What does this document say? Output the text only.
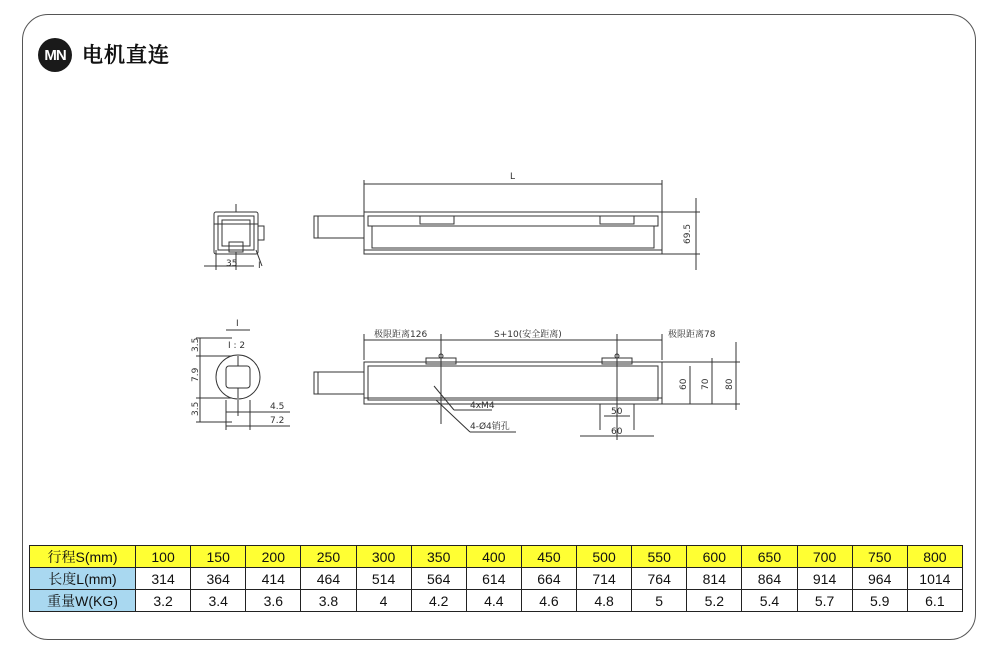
MN 电机直连
L
69.5
35 I
I
I : 2
3.5
7.9
3.5	4.5
7.2
极限距离126	S+10(安全距离)	极限距离78
4xM4
4-Ø4销孔
60 70 80
50
60
行程S(mm)	100	150	200	250	300	350	400	450	500	550	600	650	700	750	800
长度L(mm)	314	364	414	464	514	564	614	664	714	764	814	864	914	964	1014
重量W(KG)	3.2	3.4	3.6	3.8	4	4.2	4.4	4.6	4.8	5	5.2	5.4	5.7	5.9	6.1
